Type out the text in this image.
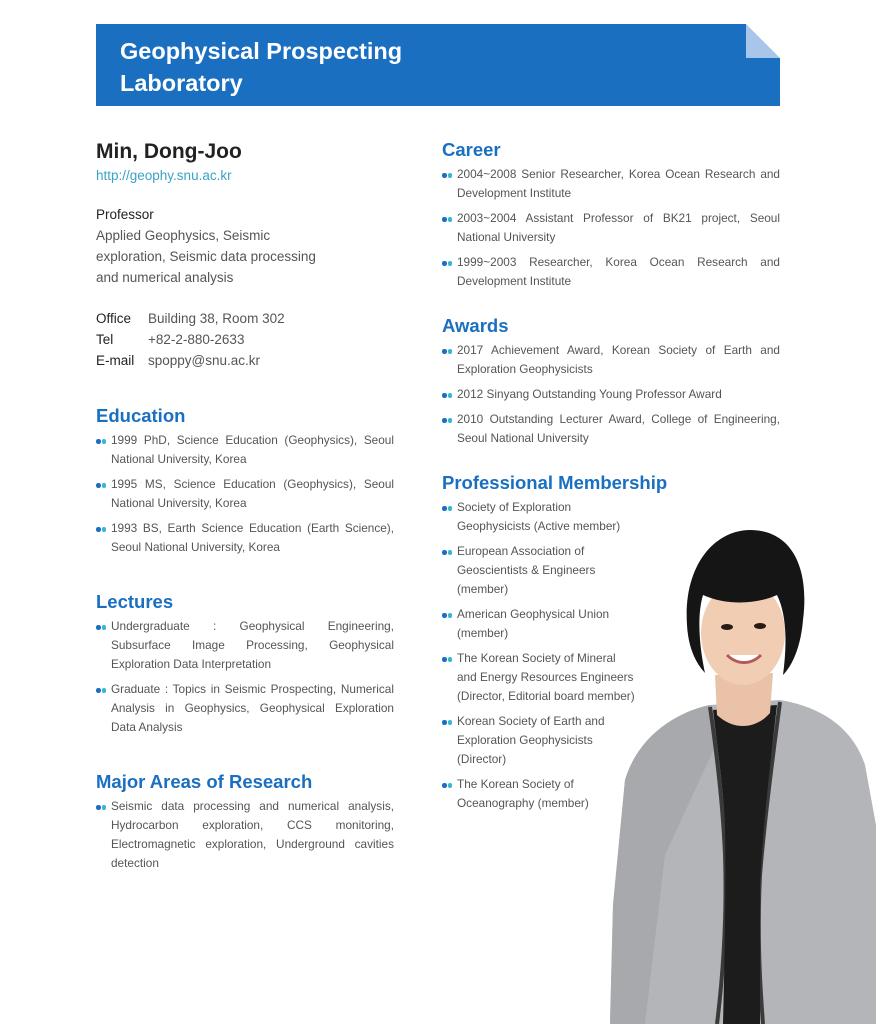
Geophysical Prospecting
Laboratory
Min, Dong-Joo
http://geophy.snu.ac.kr
Professor
Applied Geophysics, Seismic exploration, Seismic data processing and numerical analysis
Office	Building 38, Room 302
Tel	+82-2-880-2633
E-mail	spoppy@snu.ac.kr
Education
1999 PhD, Science Education (Geophysics), Seoul National University, Korea
1995 MS, Science Education (Geophysics), Seoul National University, Korea
1993 BS, Earth Science Education (Earth Science), Seoul National University, Korea
Lectures
Undergraduate : Geophysical Engineering, Subsurface Image Processing, Geophysical Exploration Data Interpretation
Graduate : Topics in Seismic Prospecting, Numerical Analysis in Geophysics, Geophysical Exploration Data Analysis
Major Areas of Research
Seismic data processing and numerical analysis, Hydrocarbon exploration, CCS monitoring, Electromagnetic exploration, Underground cavities detection
Career
2004~2008 Senior Researcher, Korea Ocean Research and Development Institute
2003~2004 Assistant Professor of BK21 project, Seoul National University
1999~2003 Researcher, Korea Ocean Research and Development Institute
Awards
2017 Achievement Award, Korean Society of Earth and Exploration Geophysicists
2012 Sinyang Outstanding Young Professor Award
2010 Outstanding Lecturer Award, College of Engineering, Seoul National University
Professional Membership
Society of Exploration Geophysicists (Active member)
European Association of Geoscientists & Engineers (member)
American Geophysical Union (member)
The Korean Society of Mineral and Energy Resources Engineers (Director, Editorial board member)
Korean Society of Earth and Exploration Geophysicists (Director)
The Korean Society of Oceanography (member)
